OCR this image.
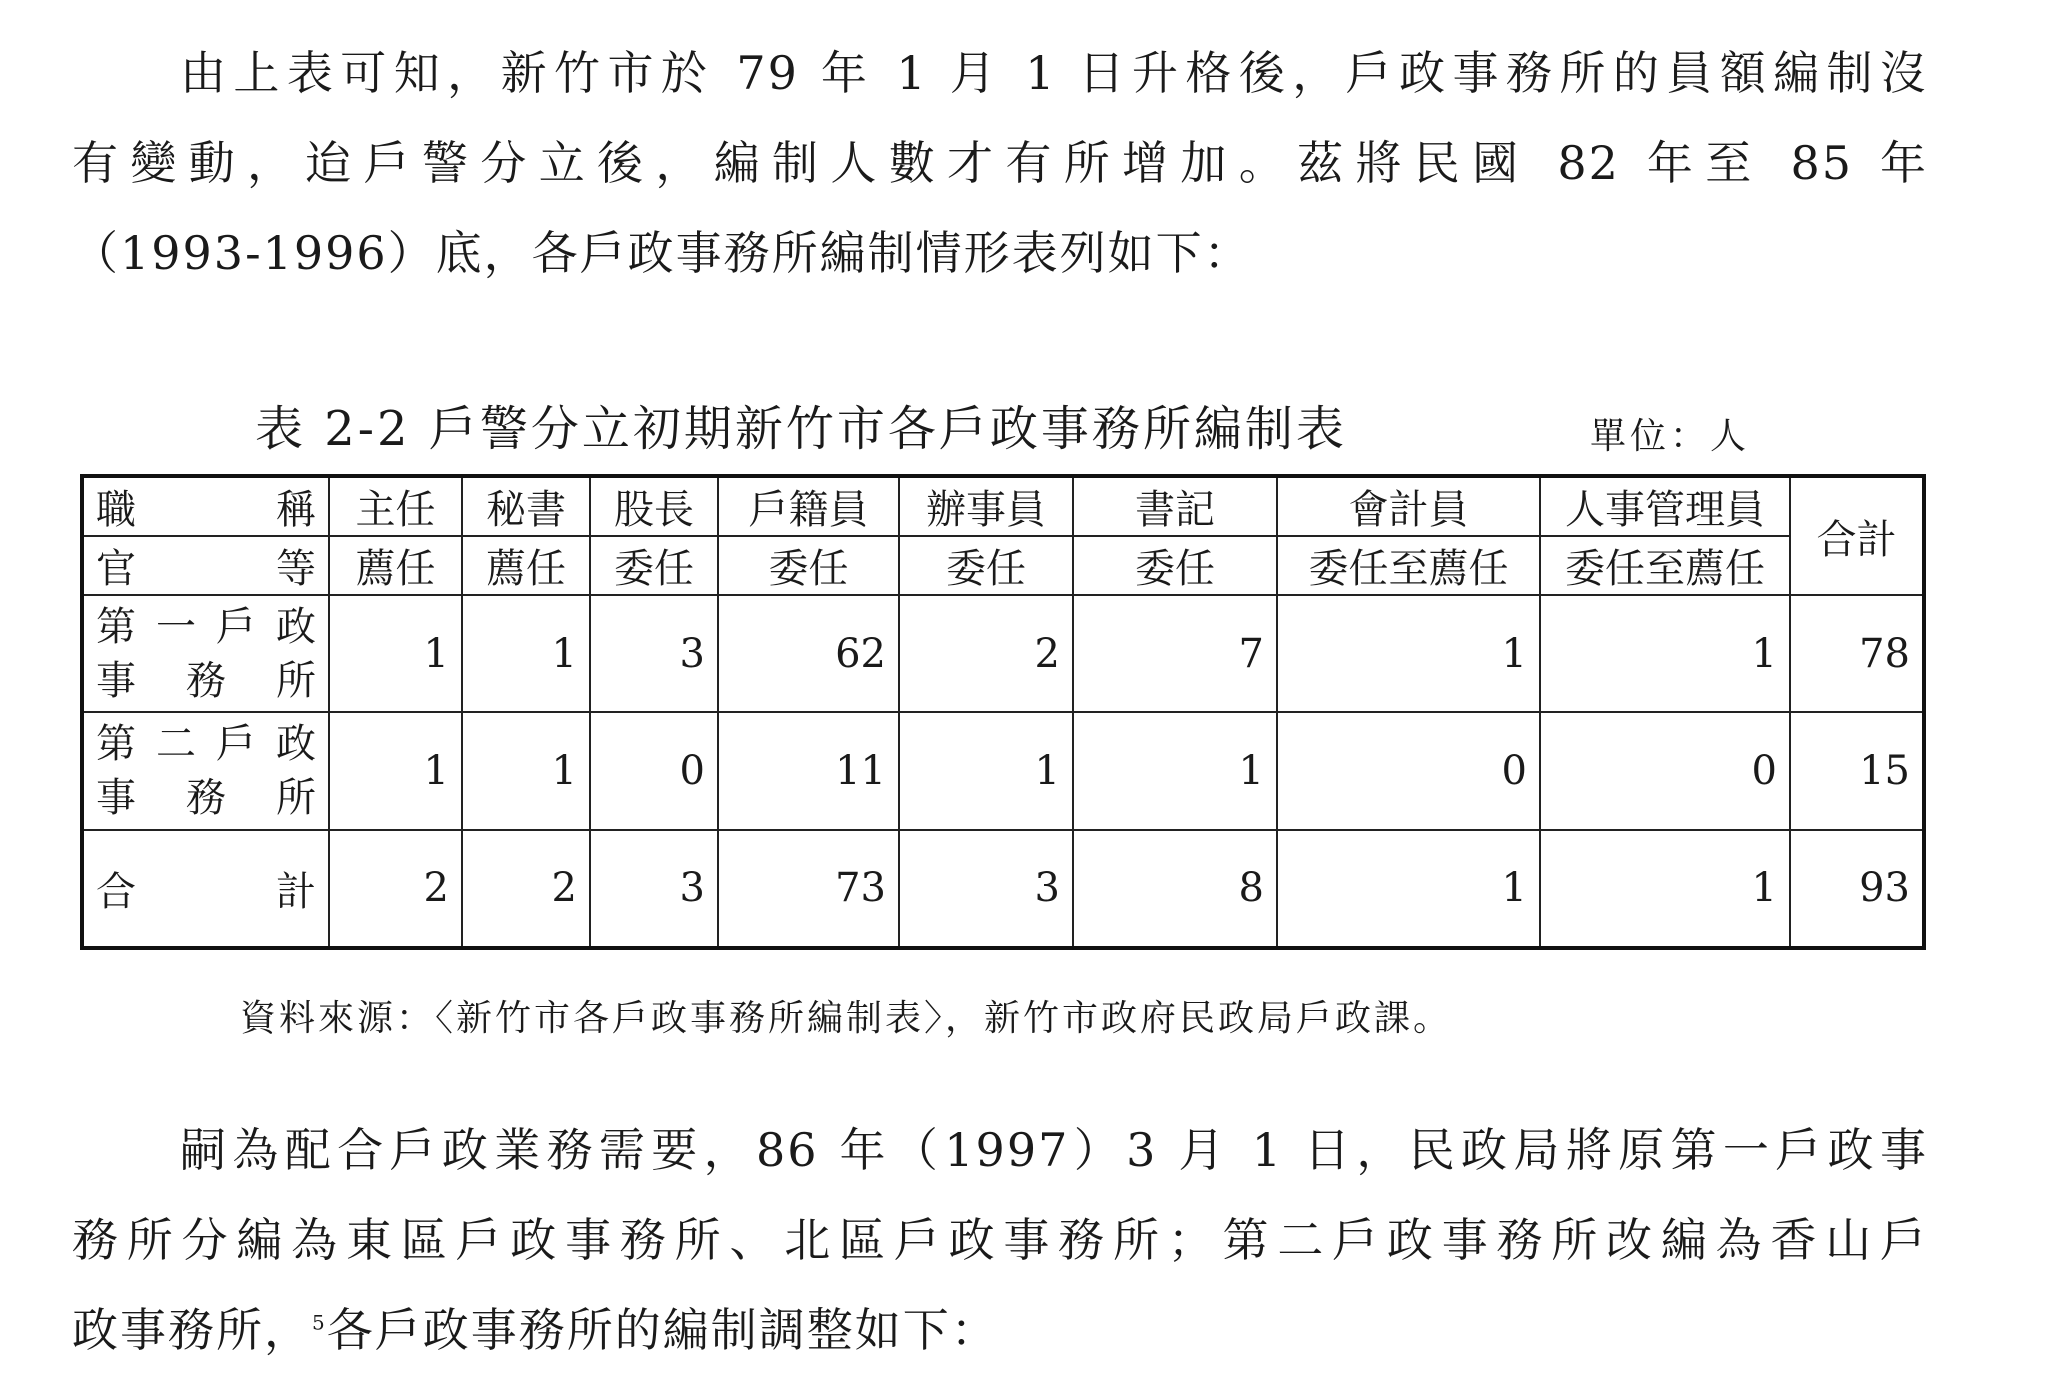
由上表可知，新竹市於 79 年 1 月 1 日升格後，戶政事務所的員額編制沒
有變動，迨戶警分立後，編制人數才有所增加。茲將民國 82 年至 85 年
（1993-1996）底，各戶政事務所編制情形表列如下：
表 2-2 戶警分立初期新竹市各戶政事務所編制表	單位：人
職稱	主任	秘書	股長	戶籍員	辦事員	書記	會計員	人事管理員	合計
官等	薦任	薦任	委任	委任	委任	委任	委任至薦任	委任至薦任	

第一戶政
事務所	1	1	3	62	2	7	1	1	78

第二戶政
事務所	1	1	0	11	1	1	0	0	15

合計	2	2	3	73	3	8	1	1	93
資料來源：〈新竹市各戶政事務所編制表〉，新竹市政府民政局戶政課。
嗣為配合戶政業務需要，86 年（1997）3 月 1 日，民政局將原第一戶政事
務所分編為東區戶政事務所、北區戶政事務所；第二戶政事務所改編為香山戶
政事務所，$^5$各戶政事務所的編制調整如下：
